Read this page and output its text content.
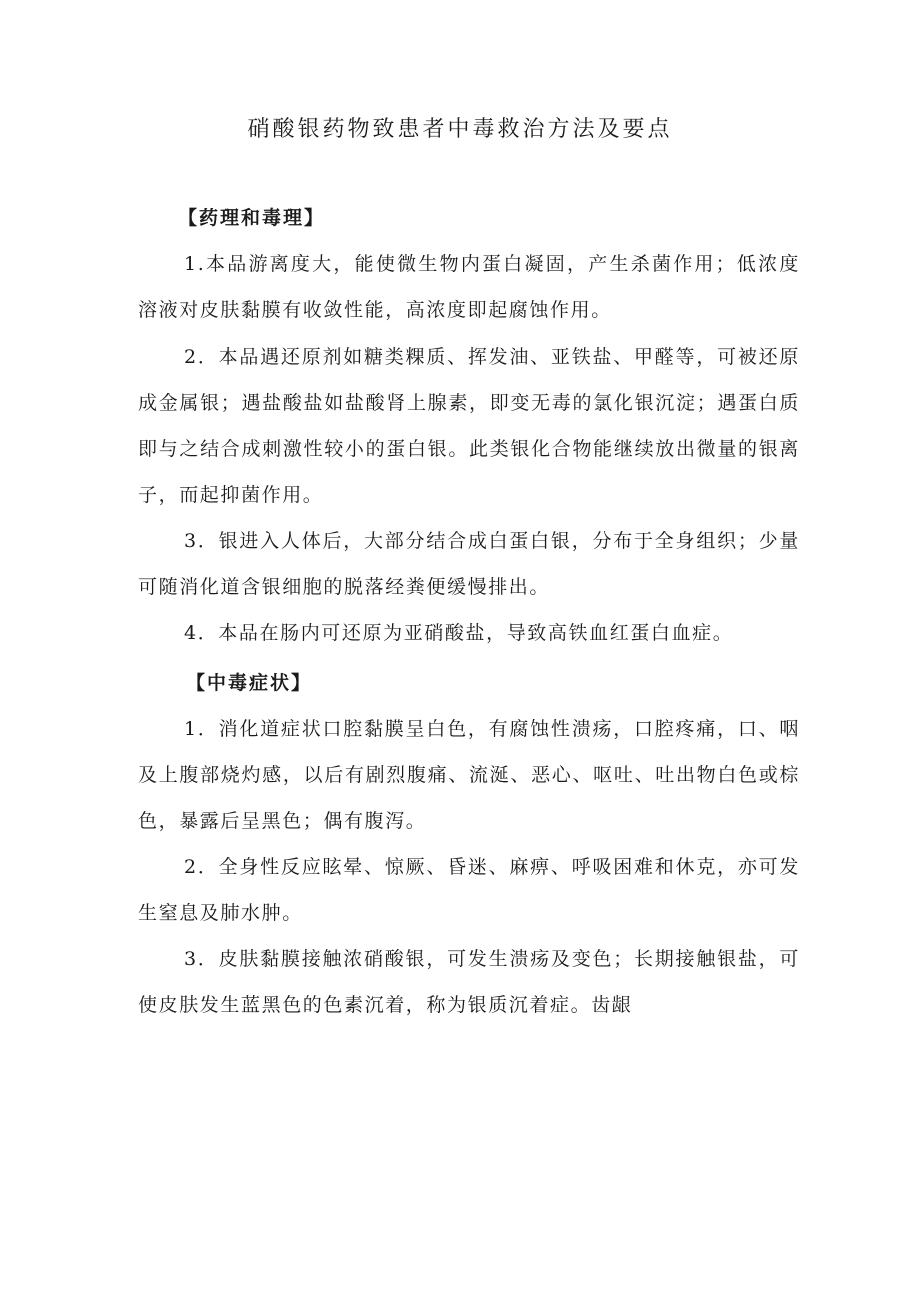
硝酸银药物致患者中毒救治方法及要点

【药理和毒理】

1.本品游离度大，能使微生物内蛋白凝固，产生杀菌作用；低浓度溶液对皮肤黏膜有收敛性能，高浓度即起腐蚀作用。

2．本品遇还原剂如糖类粿质、挥发油、亚铁盐、甲醛等，可被还原成金属银；遇盐酸盐如盐酸肾上腺素，即变无毒的氯化银沉淀；遇蛋白质即与之结合成刺激性较小的蛋白银。此类银化合物能继续放出微量的银离子，而起抑菌作用。

3．银进入人体后，大部分结合成白蛋白银，分布于全身组织；少量可随消化道含银细胞的脱落经粪便缓慢排出。

4．本品在肠内可还原为亚硝酸盐，导致高铁血红蛋白血症。

【中毒症状】

1．消化道症状口腔黏膜呈白色，有腐蚀性溃疡，口腔疼痛，口、咽及上腹部烧灼感，以后有剧烈腹痛、流涎、恶心、呕吐、吐出物白色或棕色，暴露后呈黑色；偶有腹泻。

2．全身性反应眩晕、惊厥、昏迷、麻痹、呼吸困难和休克，亦可发生窒息及肺水肿。

3．皮肤黏膜接触浓硝酸银，可发生溃疡及变色；长期接触银盐，可使皮肤发生蓝黑色的色素沉着，称为银质沉着症。齿龈
